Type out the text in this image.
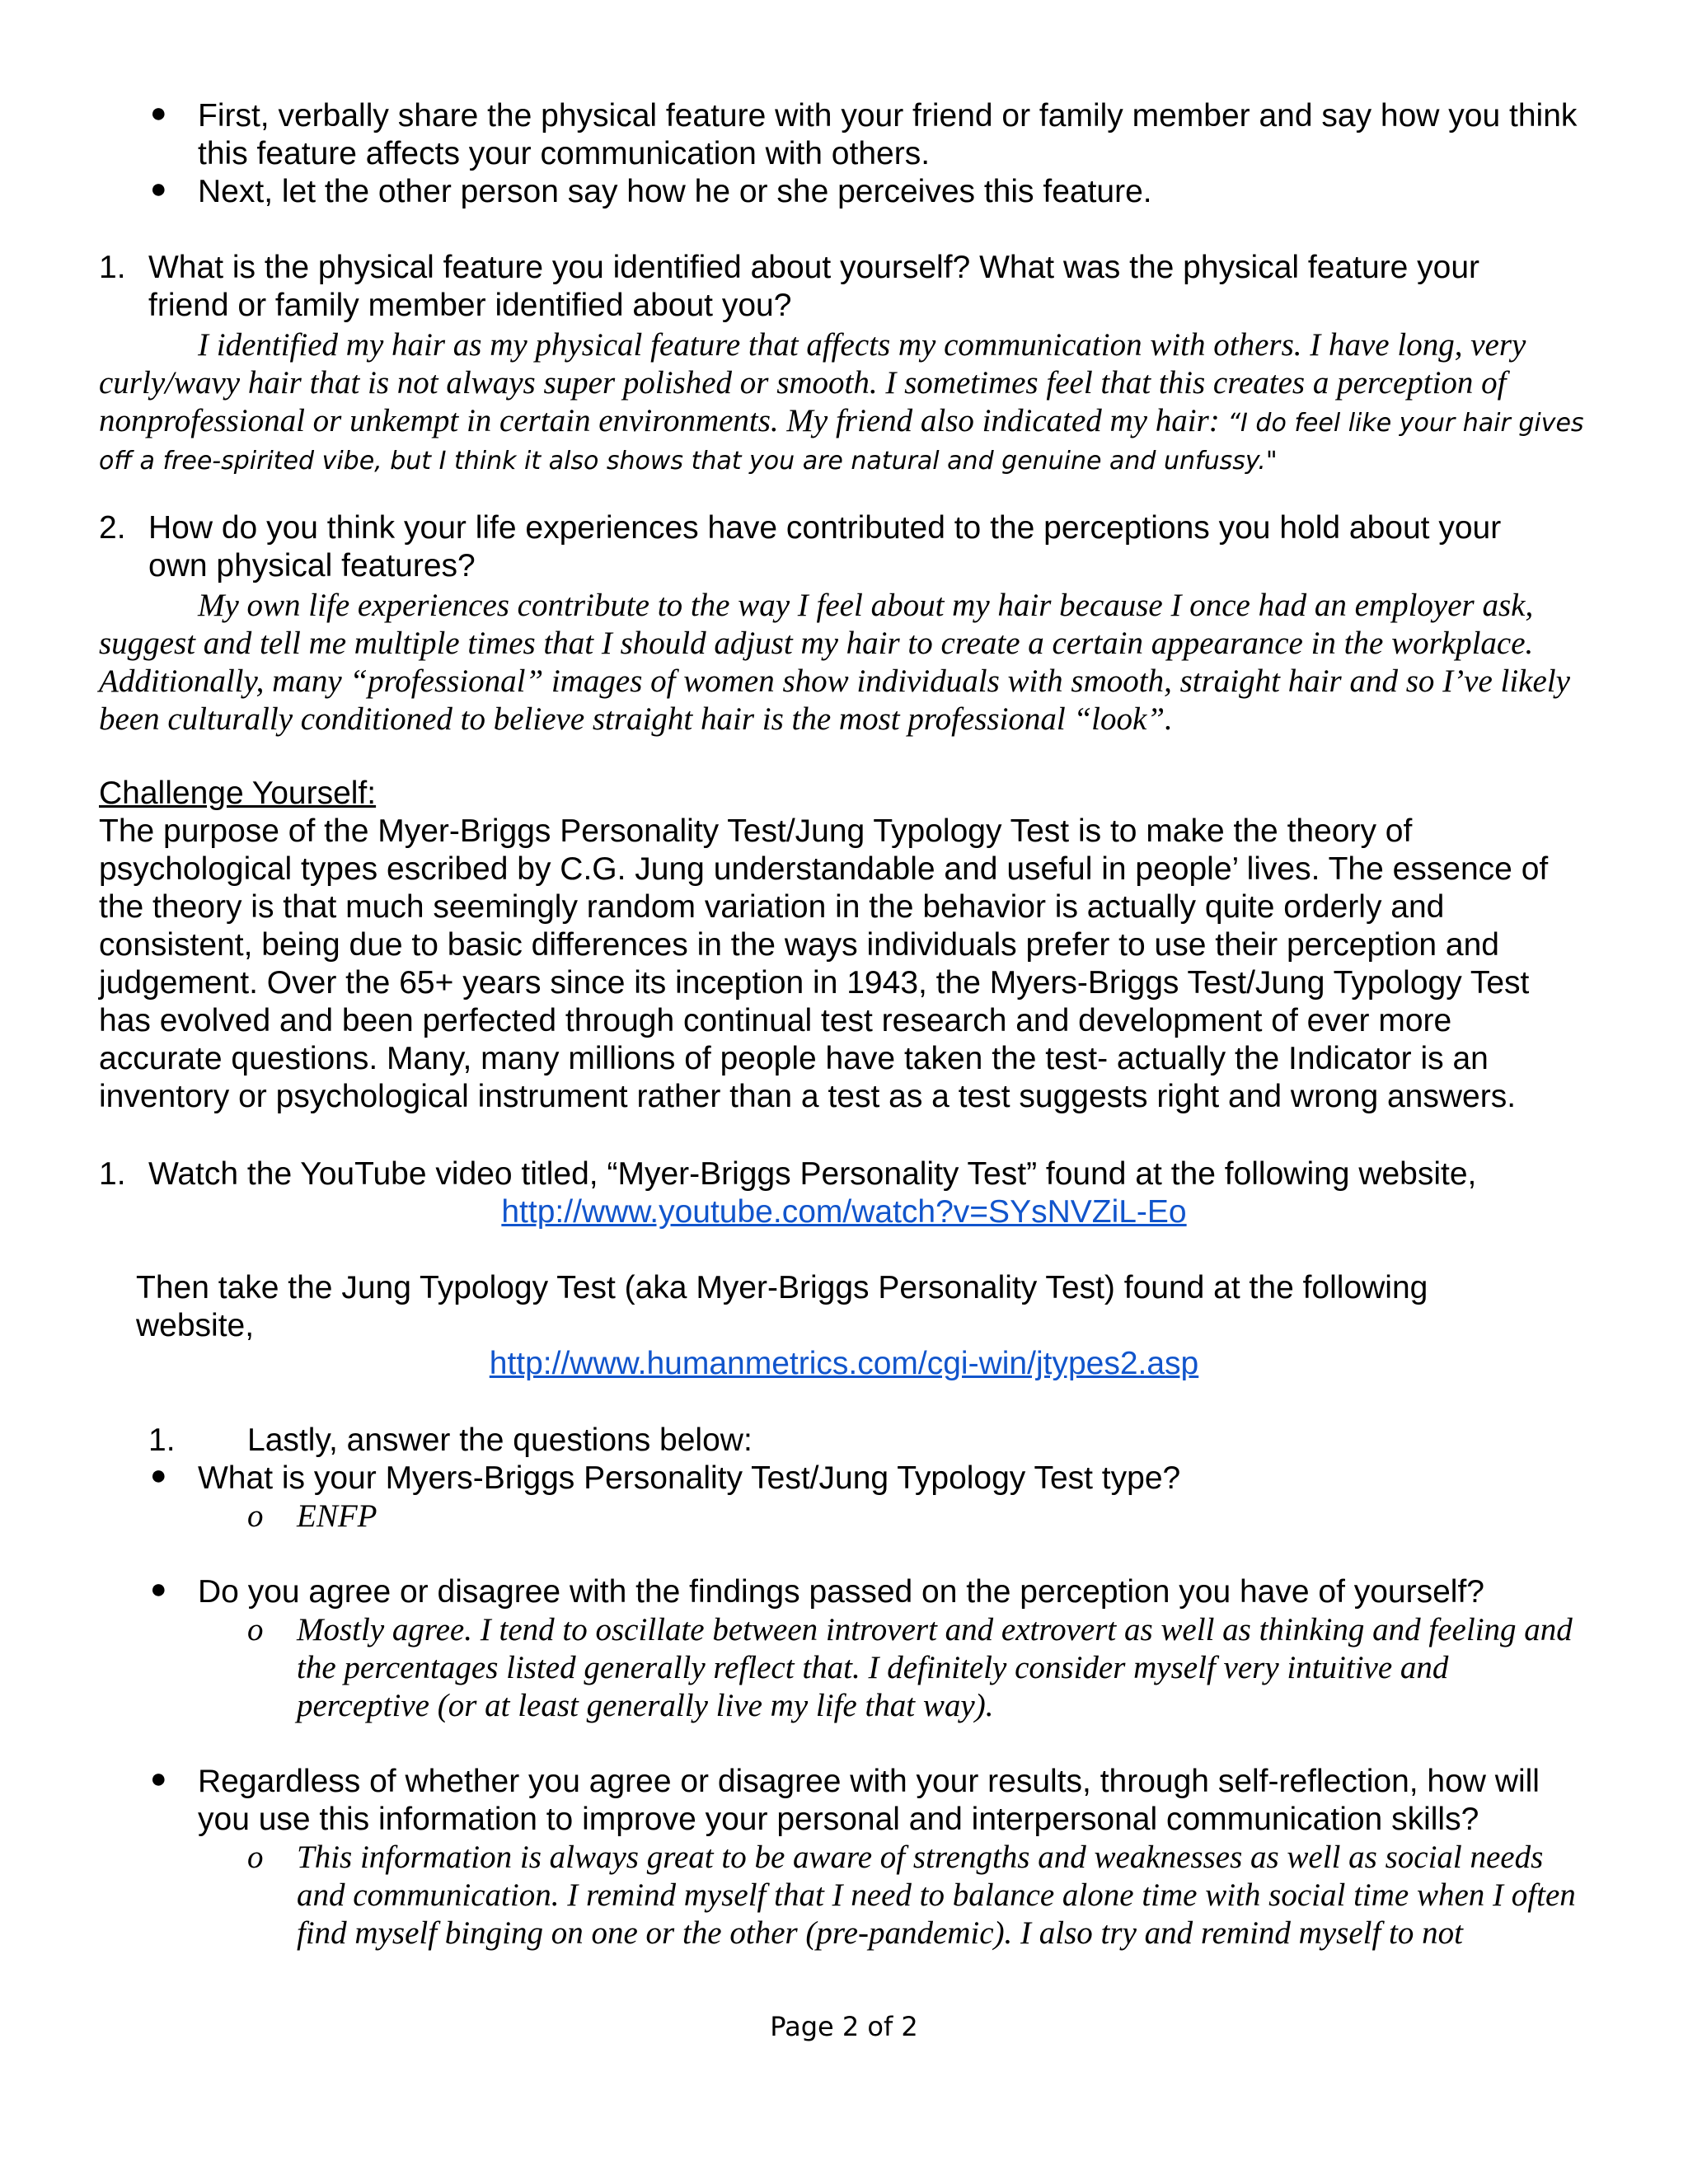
● First, verbally share the physical feature with your friend or family member and say how you think this feature affects your communication with others.
● Next, let the other person say how he or she perceives this feature.
1. What is the physical feature you identified about yourself? What was the physical feature your friend or family member identified about you?
I identified my hair as my physical feature that affects my communication with others. I have long, very curly/wavy hair that is not always super polished or smooth. I sometimes feel that this creates a perception of nonprofessional or unkempt in certain environments. My friend also indicated my hair: “I do feel like your hair gives off a free-spirited vibe, but I think it also shows that you are natural and genuine and unfussy."
2. How do you think your life experiences have contributed to the perceptions you hold about your own physical features?
My own life experiences contribute to the way I feel about my hair because I once had an employer ask, suggest and tell me multiple times that I should adjust my hair to create a certain appearance in the workplace. Additionally, many “professional” images of women show individuals with smooth, straight hair and so I’ve likely been culturally conditioned to believe straight hair is the most professional “look”.
Challenge Yourself:
The purpose of the Myer-Briggs Personality Test/Jung Typology Test is to make the theory of psychological types escribed by C.G. Jung understandable and useful in people’ lives. The essence of the theory is that much seemingly random variation in the behavior is actually quite orderly and consistent, being due to basic differences in the ways individuals prefer to use their perception and judgement. Over the 65+ years since its inception in 1943, the Myers-Briggs Test/Jung Typology Test has evolved and been perfected through continual test research and development of ever more accurate questions. Many, many millions of people have taken the test- actually the Indicator is an inventory or psychological instrument rather than a test as a test suggests right and wrong answers.
1. Watch the YouTube video titled, “Myer-Briggs Personality Test” found at the following website,
http://www.youtube.com/watch?v=SYsNVZiL-Eo
Then take the Jung Typology Test (aka Myer-Briggs Personality Test) found at the following website,
http://www.humanmetrics.com/cgi-win/jtypes2.asp
1. Lastly, answer the questions below:
● What is your Myers-Briggs Personality Test/Jung Typology Test type?
o ENFP
● Do you agree or disagree with the findings passed on the perception you have of yourself?
o Mostly agree. I tend to oscillate between introvert and extrovert as well as thinking and feeling and the percentages listed generally reflect that. I definitely consider myself very intuitive and perceptive (or at least generally live my life that way).
● Regardless of whether you agree or disagree with your results, through self-reflection, how will you use this information to improve your personal and interpersonal communication skills?
o This information is always great to be aware of strengths and weaknesses as well as social needs and communication. I remind myself that I need to balance alone time with social time when I often find myself binging on one or the other (pre-pandemic). I also try and remind myself to not
Page 2 of 2
